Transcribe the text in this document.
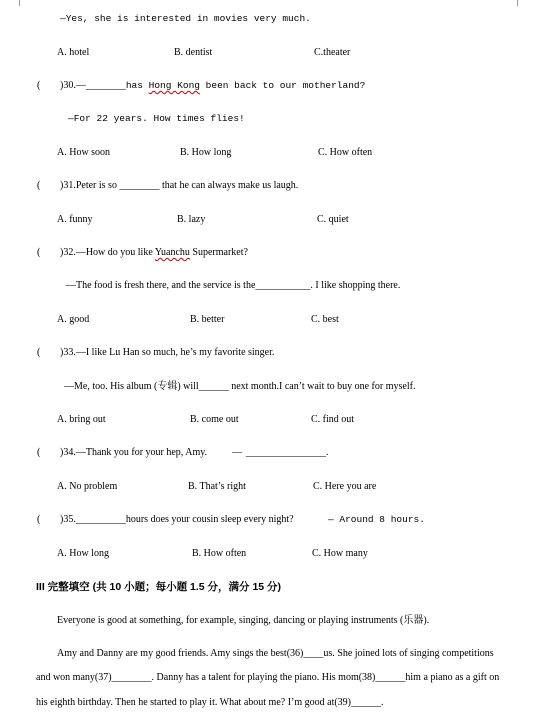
—Yes, she is interested in movies very much.
A. hotel	B. dentist	C.theater
( )30.—________has Hong Kong been back to our motherland?
—For 22 years. How times flies!
A. How soon	B. How long	C. How often
( )31.Peter is so ________ that he can always make us laugh.
A. funny	B. lazy	C. quiet
( )32.—How do you like Yuanchu Supermarket?
—The food is fresh there, and the service is the___________. I like shopping there.
A. good	B. better	C. best
( )33.—I like Lu Han so much, he’s my favorite singer.
—Me, too. His album (专辑) will______ next month.I can’t wait to buy one for myself.
A. bring out	B. come out	C. find out
( )34.—Thank you for your hep, Amy. — ________________.
A. No problem	B. That’s right	C. Here you are
( )35.__________hours does your cousin sleep every night?	— Around 8 hours.
A. How long	B. How often	C. How many
III 完整填空 (共 10 小题；每小题 1.5 分，满分 15 分)
Everyone is good at something, for example, singing, dancing or playing instruments (乐器).
Amy and Danny are my good friends. Amy sings the best(36)____us. She joined lots of singing competitions
and won many(37)________. Danny has a talent for playing the piano. His mom(38)______him a piano as a gift on
his eighth birthday. Then he started to play it. What about me? I’m good at(39)______.
